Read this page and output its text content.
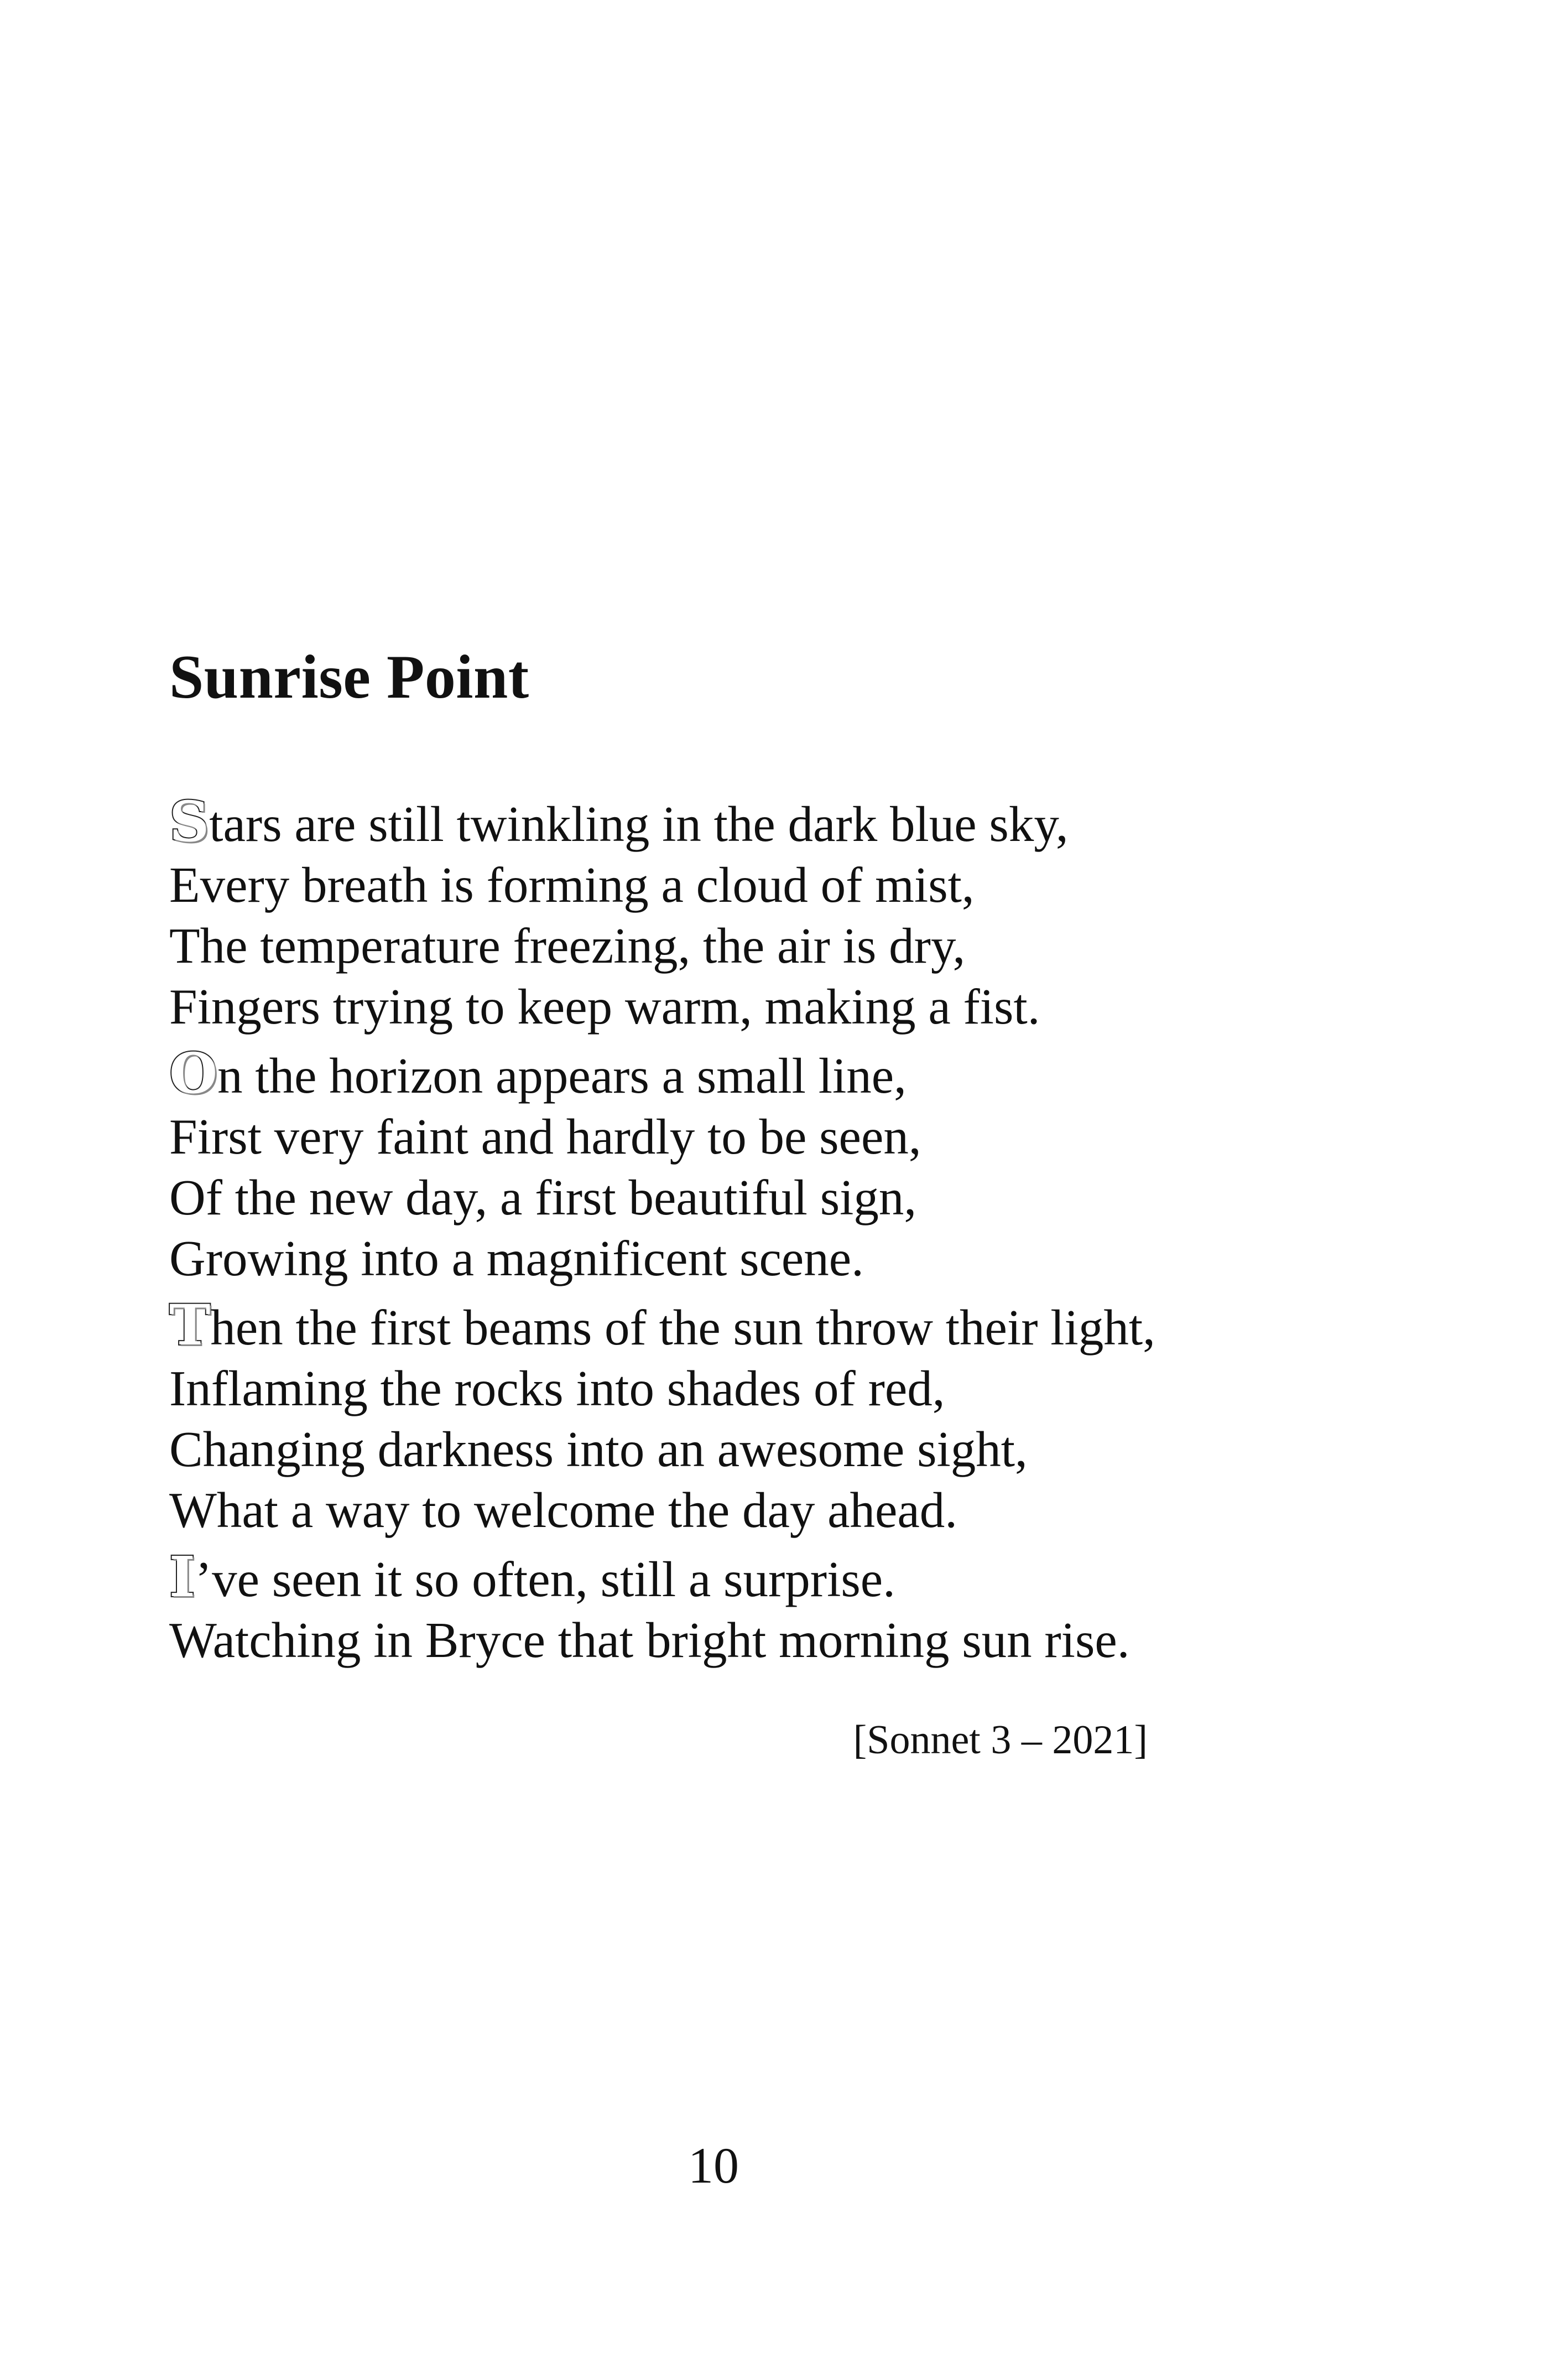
Sunrise Point

Stars are still twinkling in the dark blue sky,
Every breath is forming a cloud of mist,
The temperature freezing, the air is dry,
Fingers trying to keep warm, making a fist.

On the horizon appears a small line,
First very faint and hardly to be seen,
Of the new day, a first beautiful sign,
Growing into a magnificent scene.

Then the first beams of the sun throw their light,
Inflaming the rocks into shades of red,
Changing darkness into an awesome sight,
What a way to welcome the day ahead.

I’ve seen it so often, still a surprise.
Watching in Bryce that bright morning sun rise.

[Sonnet 3 – 2021]

10
